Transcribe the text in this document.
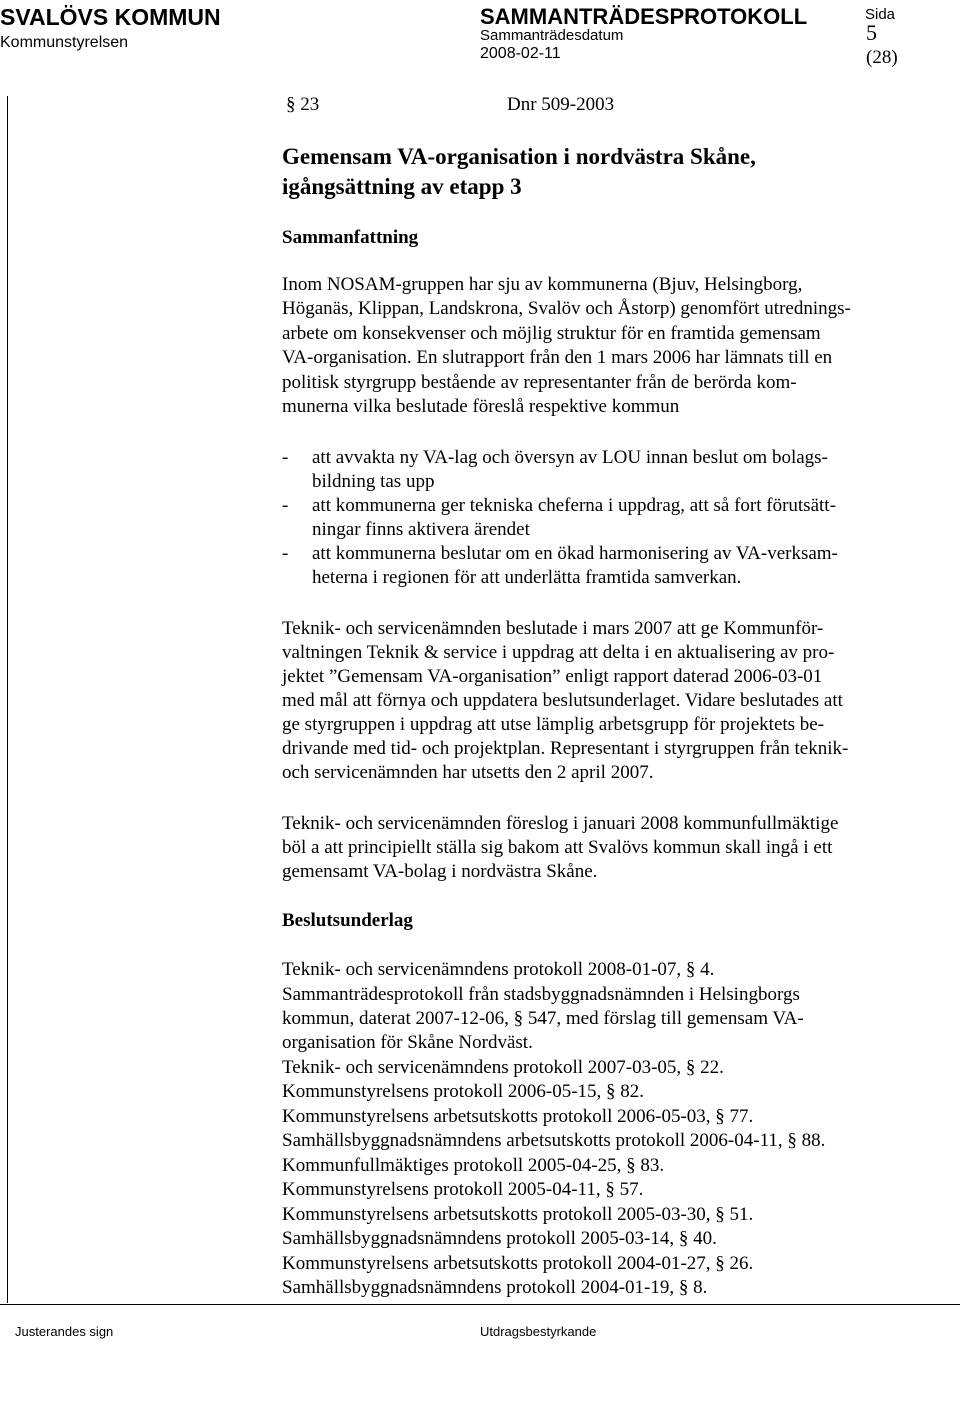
SVALÖVS KOMMUN
Kommunstyrelsen
SAMMANTRÄDESPROTOKOLL
Sammanträdesdatum
2008-02-11
Sida
5
(28)
§ 23	Dnr 509-2003
Gemensam VA-organisation i nordvästra Skåne,
igångsättning av etapp 3
Sammanfattning
Inom NOSAM-gruppen har sju av kommunerna (Bjuv, Helsingborg,
Höganäs, Klippan, Landskrona, Svalöv och Åstorp) genomfört utrednings-
arbete om konsekvenser och möjlig struktur för en framtida gemensam
VA-organisation. En slutrapport från den 1 mars 2006 har lämnats till en
politisk styrgrupp bestående av representanter från de berörda kom-
munerna vilka beslutade föreslå respektive kommun
- att avvakta ny VA-lag och översyn av LOU innan beslut om bolags-
bildning tas upp
- att kommunerna ger tekniska cheferna i uppdrag, att så fort förutsätt-
ningar finns aktivera ärendet
- att kommunerna beslutar om en ökad harmonisering av VA-verksam-
heterna i regionen för att underlätta framtida samverkan.
Teknik- och servicenämnden beslutade i mars 2007 att ge Kommunför-
valtningen Teknik & service i uppdrag att delta i en aktualisering av pro-
jektet ”Gemensam VA-organisation” enligt rapport daterad 2006-03-01
med mål att förnya och uppdatera beslutsunderlaget. Vidare beslutades att
ge styrgruppen i uppdrag att utse lämplig arbetsgrupp för projektets be-
drivande med tid- och projektplan. Representant i styrgruppen från teknik-
och servicenämnden har utsetts den 2 april 2007.
Teknik- och servicenämnden föreslog i januari 2008 kommunfullmäktige
böl a att principiellt ställa sig bakom att Svalövs kommun skall ingå i ett
gemensamt VA-bolag i nordvästra Skåne.
Beslutsunderlag
Teknik- och servicenämndens protokoll 2008-01-07, § 4.
Sammanträdesprotokoll från stadsbyggnadsnämnden i Helsingborgs
kommun, daterat 2007-12-06, § 547, med förslag till gemensam VA-
organisation för Skåne Nordväst.
Teknik- och servicenämndens protokoll 2007-03-05, § 22.
Kommunstyrelsens protokoll 2006-05-15, § 82.
Kommunstyrelsens arbetsutskotts protokoll 2006-05-03, § 77.
Samhällsbyggnadsnämndens arbetsutskotts protokoll 2006-04-11, § 88.
Kommunfullmäktiges protokoll 2005-04-25, § 83.
Kommunstyrelsens protokoll 2005-04-11, § 57.
Kommunstyrelsens arbetsutskotts protokoll 2005-03-30, § 51.
Samhällsbyggnadsnämndens protokoll 2005-03-14, § 40.
Kommunstyrelsens arbetsutskotts protokoll 2004-01-27, § 26.
Samhällsbyggnadsnämndens protokoll 2004-01-19, § 8.
Justerandes sign	Utdragsbestyrkande
